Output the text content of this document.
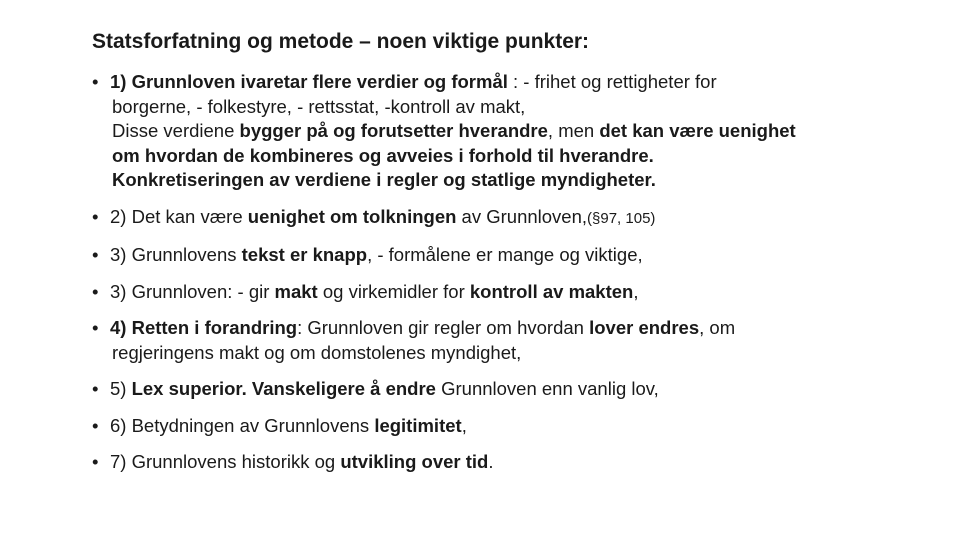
Statsforfatning og metode – noen viktige punkter:
• 1) Grunnloven ivaretar flere verdier og formål : - frihet og rettigheter for
borgerne, - folkestyre, - rettsstat, -kontroll av makt,
Disse verdiene bygger på og forutsetter hverandre, men det kan være uenighet
om hvordan de kombineres og avveies i forhold til hverandre.
Konkretiseringen av verdiene i regler og statlige myndigheter.
• 2) Det kan være uenighet om tolkningen av Grunnloven,(§97, 105)
• 3) Grunnlovens tekst er knapp, - formålene er mange og viktige,
• 3) Grunnloven: - gir makt og virkemidler for kontroll av makten,
• 4) Retten i forandring: Grunnloven gir regler om hvordan lover endres, om
regjeringens makt og om domstolenes myndighet,
• 5) Lex superior. Vanskeligere å endre Grunnloven enn vanlig lov,
• 6) Betydningen av Grunnlovens legitimitet,
• 7) Grunnlovens historikk og utvikling over tid.
